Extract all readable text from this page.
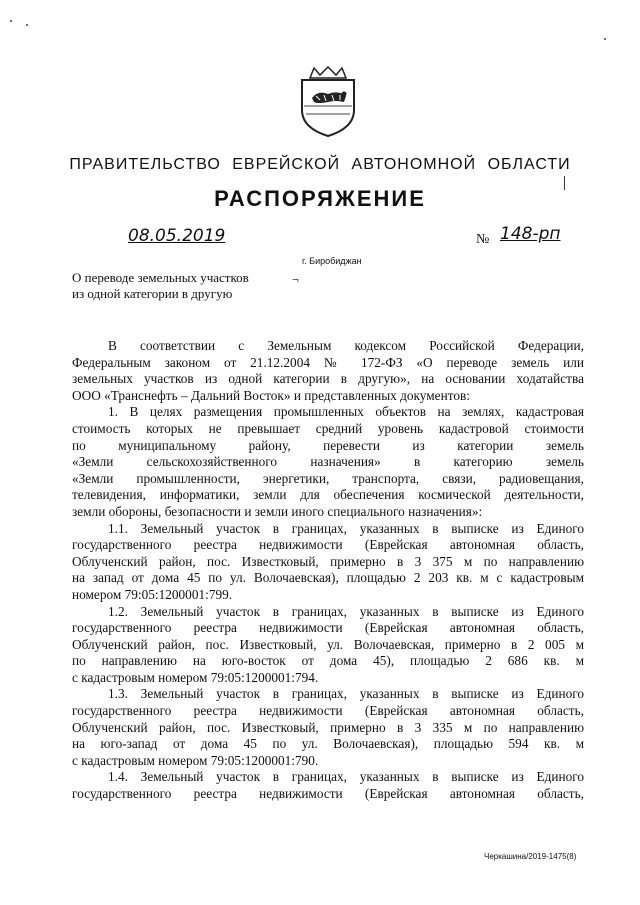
ПРАВИТЕЛЬСТВО ЕВРЕЙСКОЙ АВТОНОМНОЙ ОБЛАСТИ
РАСПОРЯЖЕНИЕ
08.05.2019	№ 148-рп
г. Биробиджан
О переводе земельных участков
из одной категории в другую
¬
В соответствии с Земельным кодексом Российской Федерации,
Федеральным законом от 21.12.2004 № 172-ФЗ «О переводе земель или
земельных участков из одной категории в другую», на основании ходатайства
ООО «Транснефть – Дальний Восток» и представленных документов:
1. В целях размещения промышленных объектов на землях, кадастровая
стоимость которых не превышает средний уровень кадастровой стоимости
по муниципальному району, перевести из категории земель
«Земли сельскохозяйственного назначения» в категорию земель
«Земли промышленности, энергетики, транспорта, связи, радиовещания,
телевидения, информатики, земли для обеспечения космической деятельности,
земли обороны, безопасности и земли иного специального назначения»:
1.1. Земельный участок в границах, указанных в выписке из Единого
государственного реестра недвижимости (Еврейская автономная область,
Облученский район, пос. Известковый, примерно в 3 375 м по направлению
на запад от дома 45 по ул. Волочаевская), площадью 2 203 кв. м с кадастровым
номером 79:05:1200001:799.
1.2. Земельный участок в границах, указанных в выписке из Единого
государственного реестра недвижимости (Еврейская автономная область,
Облученский район, пос. Известковый, ул. Волочаевская, примерно в 2 005 м
по направлению на юго-восток от дома 45), площадью 2 686 кв. м
с кадастровым номером 79:05:1200001:794.
1.3. Земельный участок в границах, указанных в выписке из Единого
государственного реестра недвижимости (Еврейская автономная область,
Облученский район, пос. Известковый, примерно в 3 335 м по направлению
на юго-запад от дома 45 по ул. Волочаевская), площадью 594 кв. м
с кадастровым номером 79:05:1200001:790.
1.4. Земельный участок в границах, указанных в выписке из Единого
государственного реестра недвижимости (Еврейская автономная область,
Черкашина/2019-1475(8)
